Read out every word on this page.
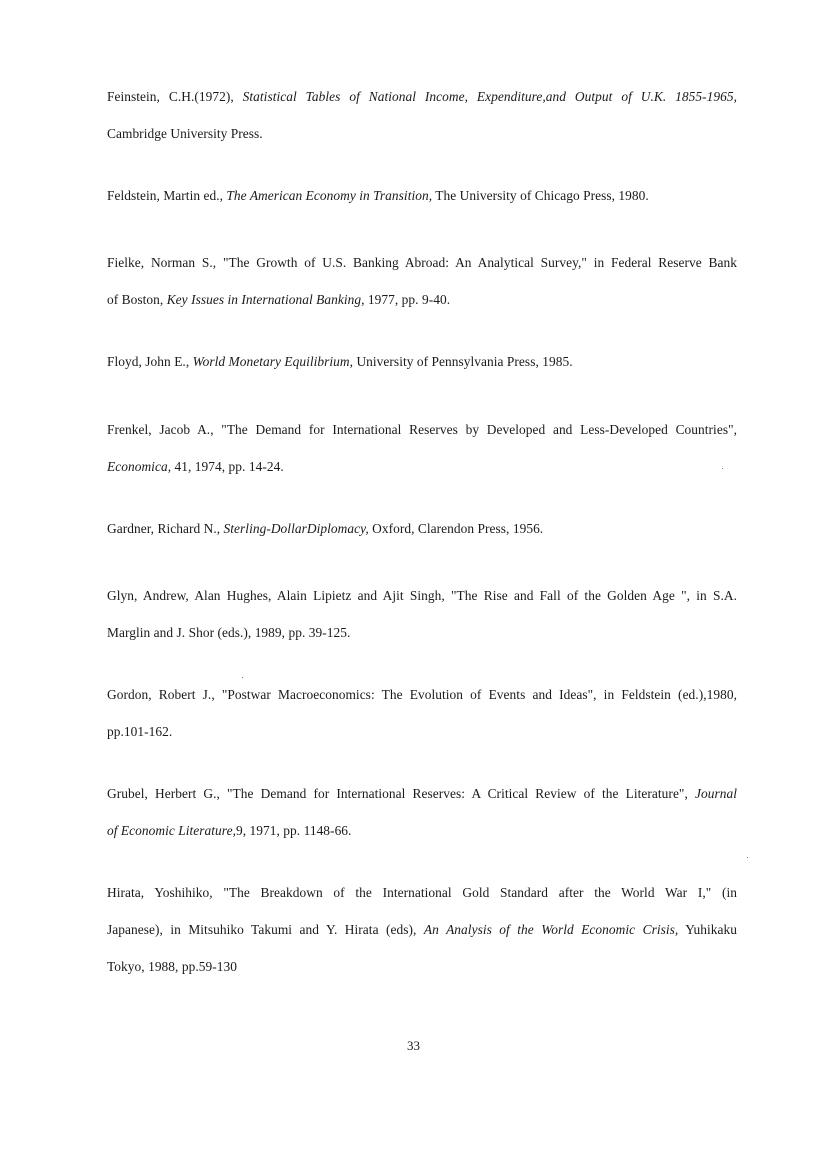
Feinstein, C.H.(1972), Statistical Tables of National Income, Expenditure,and Output of U.K. 1855-1965,
Cambridge University Press.
Feldstein, Martin ed., The American Economy in Transition, The University of Chicago Press, 1980.
Fielke, Norman S., "The Growth of U.S. Banking Abroad: An Analytical Survey," in Federal Reserve Bank
of Boston, Key Issues in International Banking, 1977, pp. 9-40.
Floyd, John E., World Monetary Equilibrium, University of Pennsylvania Press, 1985.
Frenkel, Jacob A., "The Demand for International Reserves by Developed and Less-Developed Countries",
Economica, 41, 1974, pp. 14-24.
Gardner, Richard N., Sterling-DollarDiplomacy, Oxford, Clarendon Press, 1956.
Glyn, Andrew, Alan Hughes, Alain Lipietz and Ajit Singh, "The Rise and Fall of the Golden Age ", in S.A.
Marglin and J. Shor (eds.), 1989, pp. 39-125.
Gordon, Robert J., "Postwar Macroeconomics: The Evolution of Events and Ideas", in Feldstein (ed.),1980,
pp.101-162.
Grubel, Herbert G., "The Demand for International Reserves: A Critical Review of the Literature", Journal
of Economic Literature,9, 1971, pp. 1148-66.
Hirata, Yoshihiko, "The Breakdown of the International Gold Standard after the World War I," (in
Japanese), in Mitsuhiko Takumi and Y. Hirata (eds), An Analysis of the World Economic Crisis, Yuhikaku
Tokyo, 1988, pp.59-130
33
